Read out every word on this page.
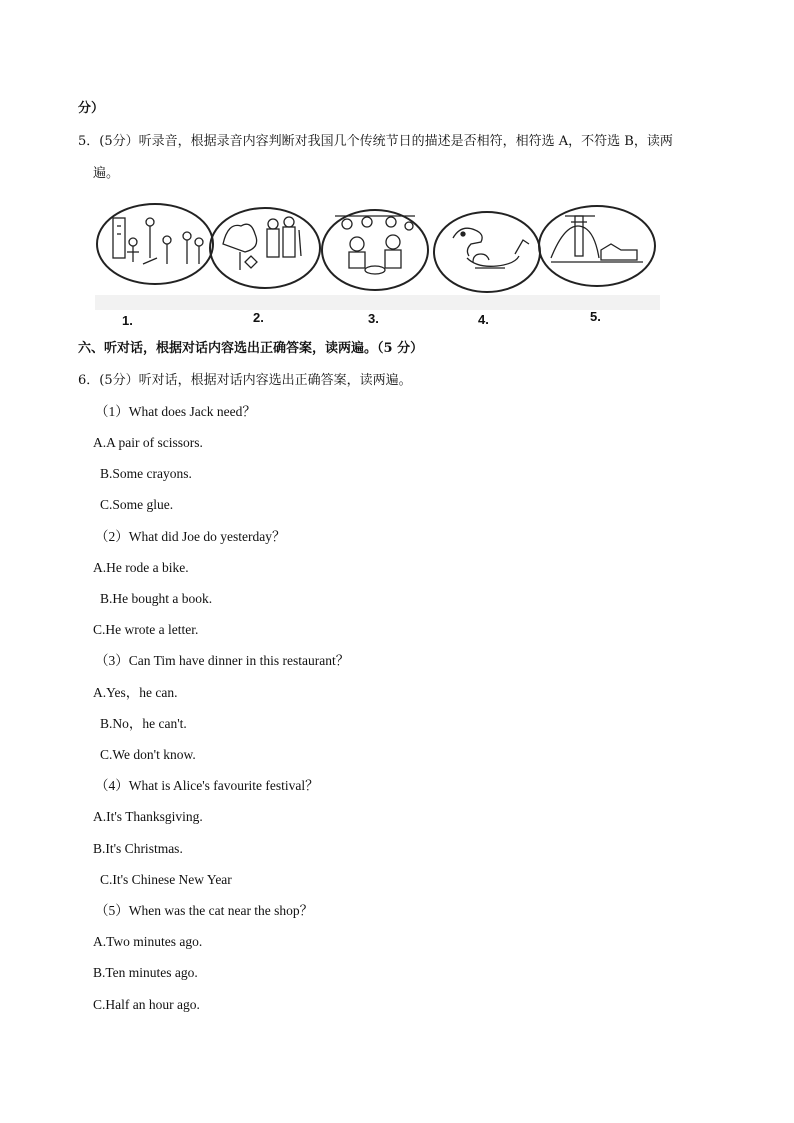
分）
5．(5分）听录音，根据录音内容判断对我国几个传统节日的描述是否相符，相符选 A，不符选 B，读两
遍。
1.	2.	3.	4.	5.
六、听对话，根据对话内容选出正确答案，读两遍。（5 分）
6．(5分）听对话，根据对话内容选出正确答案，读两遍。
（1）What does Jack need？
A.A pair of scissors.
B.Some crayons.
C.Some glue.
（2）What did Joe do yesterday？
A.He rode a bike.
B.He bought a book.
C.He wrote a letter.
（3）Can Tim have dinner in this restaurant？
A.Yes，he can.
B.No，he can't.
C.We don't know.
（4）What is Alice's favourite festival？
A.It's Thanksgiving.
B.It's Christmas.
C.It's Chinese New Year
（5）When was the cat near the shop？
A.Two minutes ago.
B.Ten minutes ago.
C.Half an hour ago.
